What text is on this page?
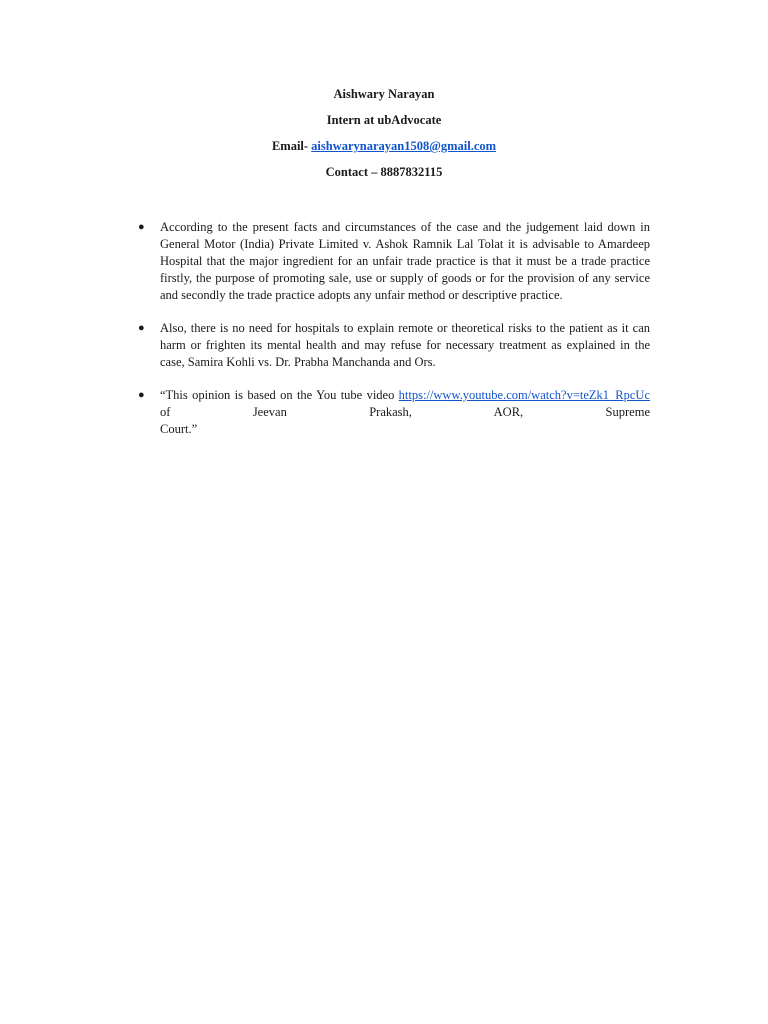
Aishwary Narayan
Intern at ubAdvocate
Email- aishwarynarayan1508@gmail.com
Contact – 8887832115
● According to the present facts and circumstances of the case and the judgement laid down in General Motor (India) Private Limited v. Ashok Ramnik Lal Tolat it is advisable to Amardeep Hospital that the major ingredient for an unfair trade practice is that it must be a trade practice firstly, the purpose of promoting sale, use or supply of goods or for the provision of any service and secondly the trade practice adopts any unfair method or descriptive practice.
● Also, there is no need for hospitals to explain remote or theoretical risks to the patient as it can harm or frighten its mental health and may refuse for necessary treatment as explained in the case, Samira Kohli vs. Dr. Prabha Manchanda and Ors.
● “This opinion is based on the You tube video https://www.youtube.com/watch?v=teZk1_RpcUc of Jeevan Prakash, AOR, Supreme
Court.”
